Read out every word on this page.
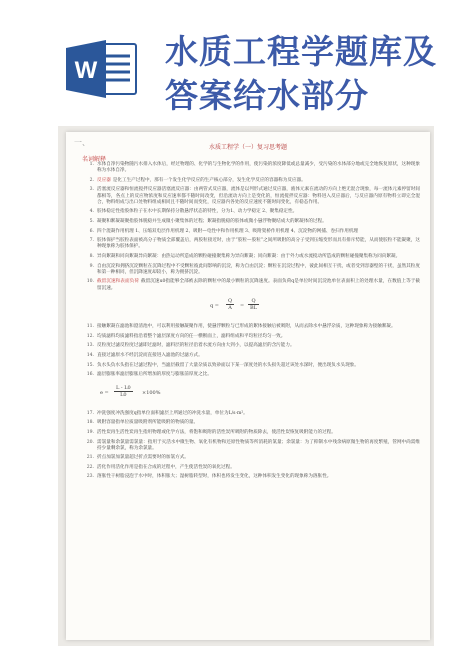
W 水质工程学题库及
答案给水部分
一、
水质工程学（一）复习思考题
名词解释
1. 水体自净污染物随污水排入水体后，经过物理的、化学的与生物化学的作用，使污染的浓度降低或总量减少，受污染的水体部分地或完全地恢复原状，这种现象称为水体自净。
2. 反应器 是化工生产过程中，那有一个发生化学反应的生产核心部分，发生化学反应的容器称为反应器。
3. 活塞流反应器和恒流搅拌反应器活塞流反应器：由两管式反应器，流体是以列形式通过反应器，液体元素在流动的方向上绝无混合现象，每一流体元素停留时间都相等，各点上的反应物浓度和反应速率都不随时间改变，但沿流动方向上是变化的，恒流搅拌反应器：物料进入反应器后，与反应器内原有物料立即完全混合，物料组成与出口处物料组成相同且不随时间而变化，反应器内各处的反应速度不随时间变化，有稳态作用。
4. 胶体稳定性指胶体粒子在水中长期保持分散悬浮状态的特性，分为1、动力学稳定 2、聚集稳定性。
5. 凝聚和絮凝凝聚指胶体脱稳并生成微小聚集体的过程；絮凝指脱稳的胶体或微小悬浮物聚结成大的絮凝体的过程。
6. 四个混凝作用机理 1、压缩双电层作用机理 2、吸附—电性中和作用机理 3、吸附架桥作用机理 4、沉淀物的网捕、卷扫作用机理
7. 胶体保护当胶粒表面被高分子物质全部覆盖后，两胶粒接近时，由于“胶粒—胶粒”之间所吸附的高分子受到压缩变形而具有排斥势能，从而使胶粒不能凝聚，这种现象称为胶体保护。
8. 异向絮凝和同向絮凝异向絮凝：由热运动所造成的颗粒碰撞聚集称为异向絮凝；同向絮凝：由于外力或水流搅动所造成的颗粒碰撞聚集称为同向絮凝。
9. 自由沉淀和拥挤沉淀颗粒在沉降过程中不受颗粒彼此间影响的沉淀，称为自由沉淀；颗粒在沉淀过程中，彼此间相互干扰，或者受到容器壁的干扰，虽然其粒度和第一种相同，但沉降速度却较小，称为拥挤沉淀。
10. 截留沉速和表面负荷 截留沉速u0指能够全部被去除的颗粒中的最小颗粒的沉降速度。表面负荷q是单位时间沉淀池单位表面积上的处理水量，在数值上等于截留沉速。
$q = \frac{Q}{A} = \frac{Q}{BL}$
11. 接触絮凝在滤池和澄清池中，可以利用接触凝聚作用，使悬浮颗粒与已形成的絮体接触后被吸附，从而去除水中悬浮杂质，这种现象称为接触絮凝。
12. 均质滤料均质滤料指沿着整个滤层深度方向的任一横断面上，滤料组成和平均粒径均匀一致。
13. 反粒度过滤反粒度过滤即过滤时，滤料层的粒径沿着水流方向由大到小，以提高滤层的含污能力。
14. 直接过滤原水不经沉淀而直接进入滤池的过滤方式。
15. 负水头负水头指在过滤过程中，当滤层截留了大量杂质以致砂面以下某一深度处的水头损失超过该处水深时，便出现负水头现象。
16. 滤层膨胀率滤层膨胀后所增加的厚度与膨胀前厚度之比。
$e = \frac{L - L0}{L0} \times 100\%$
17. 冲洗强度冲洗强度q指单位面积滤层上所通过的冲洗水量，单位为L/s·m²。
18. 吸附容量指单位质量吸附剂所能吸附的物质的量。
19. 活性炭再生活性炭再生指用物理或化学方法，将饱和吸附的活性炭所吸附的物质除去，使活性炭恢复吸附能力的过程。
20. 需氯量和余氯量需氯量：指用于灭活水中微生物、氧化有机物和还原性物质等所消耗的氯量；余氯量：为了抑制水中残余病原微生物的再度繁殖，管网中尚需维持少量剩余氯，称为余氯量。
21. 折点加氯加氯量超过折点需要时的加氯方式。
22. 活化作用活化作用是指在合成的过程中，产生使活性炭的氧化过程。
23. 溶胀性干树脂浸泡于水中时，体积胀大；湿树脂转型时，体积也将发生变化，这种体积发生变化的现象称为溶胀性。
